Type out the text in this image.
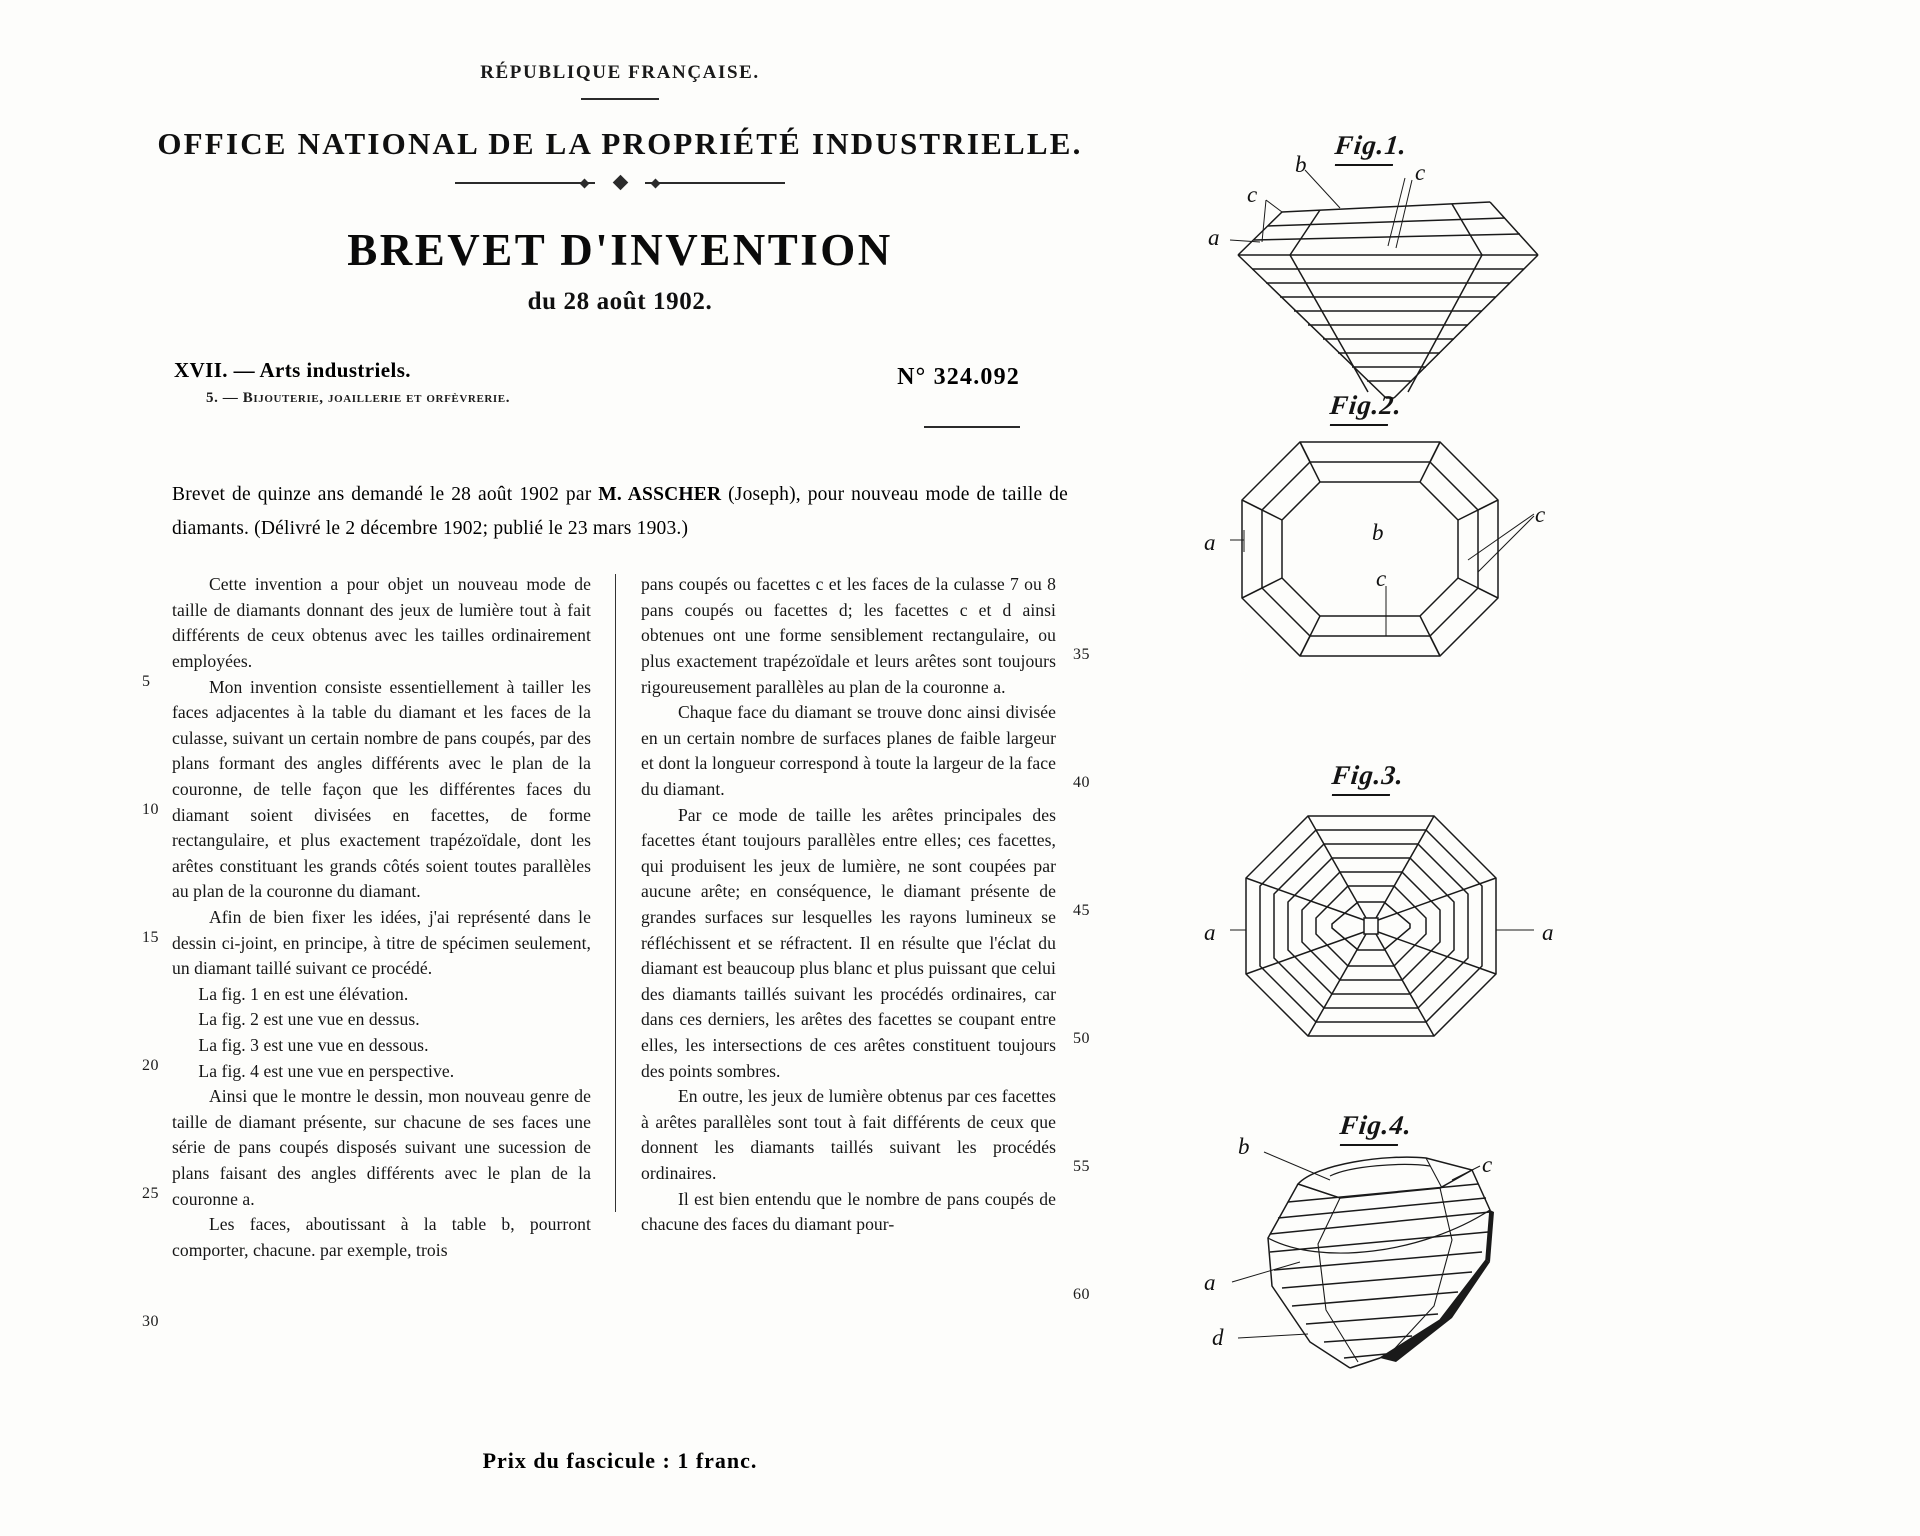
RÉPUBLIQUE FRANÇAISE.
OFFICE NATIONAL DE LA PROPRIÉTÉ INDUSTRIELLE.
BREVET D'INVENTION
du 28 août 1902.
XVII. — Arts industriels.
5. — Bijouterie, joaillerie et orfèvrerie.
N° 324.092
Brevet de quinze ans demandé le 28 août 1902 par M. ASSCHER (Joseph), pour nouveau mode de taille de diamants. (Délivré le 2 décembre 1902; publié le 23 mars 1903.)
5
10
15
20
25
30

Cette invention a pour objet un nouveau mode de taille de diamants donnant des jeux de lumière tout à fait différents de ceux obtenus avec les tailles ordinairement employées.

Mon invention consiste essentiellement à tailler les faces adjacentes à la table du diamant et les faces de la culasse, suivant un certain nombre de pans coupés, par des plans formant des angles différents avec le plan de la couronne, de telle façon que les différentes faces du diamant soient divisées en facettes, de forme rectangulaire, et plus exactement trapézoïdale, dont les arêtes constituant les grands côtés soient toutes parallèles au plan de la couronne du diamant.

Afin de bien fixer les idées, j'ai représenté dans le dessin ci-joint, en principe, à titre de spécimen seulement, un diamant taillé suivant ce procédé.

La fig. 1 en est une élévation.

La fig. 2 est une vue en dessus.

La fig. 3 est une vue en dessous.

La fig. 4 est une vue en perspective.

Ainsi que le montre le dessin, mon nouveau genre de taille de diamant présente, sur chacune de ses faces une série de pans coupés disposés suivant une sucession de plans faisant des angles différents avec le plan de la couronne a.

Les faces, aboutissant à la table b, pourront comporter, chacune. par exemple, trois

35
40
45
50
55
60

pans coupés ou facettes c et les faces de la culasse 7 ou 8 pans coupés ou facettes d; les facettes c et d ainsi obtenues ont une forme sensiblement rectangulaire, ou plus exactement trapézoïdale et leurs arêtes sont toujours rigoureusement parallèles au plan de la couronne a.

Chaque face du diamant se trouve donc ainsi divisée en un certain nombre de surfaces planes de faible largeur et dont la longueur correspond à toute la largeur de la face du diamant.

Par ce mode de taille les arêtes principales des facettes étant toujours parallèles entre elles; ces facettes, qui produisent les jeux de lumière, ne sont coupées par aucune arête; en conséquence, le diamant présente de grandes surfaces sur lesquelles les rayons lumineux se réfléchissent et se réfractent. Il en résulte que l'éclat du diamant est beaucoup plus blanc et plus puissant que celui des diamants taillés suivant les procédés ordinaires, car dans ces derniers, les arêtes des facettes se coupant entre elles, les intersections de ces arêtes constituent toujours des points sombres.

En outre, les jeux de lumière obtenus par ces facettes à arêtes parallèles sont tout à fait différents de ceux que donnent les diamants taillés suivant les procédés ordinaires.

Il est bien entendu que le nombre de pans coupés de chacune des faces du diamant pour-

Prix du fascicule : 1 franc.
Fig.1.
b	c
c
a
Fig.2.
a	b
c
c
Fig.3.
a	a
Fig.4.
b
c
a
d
